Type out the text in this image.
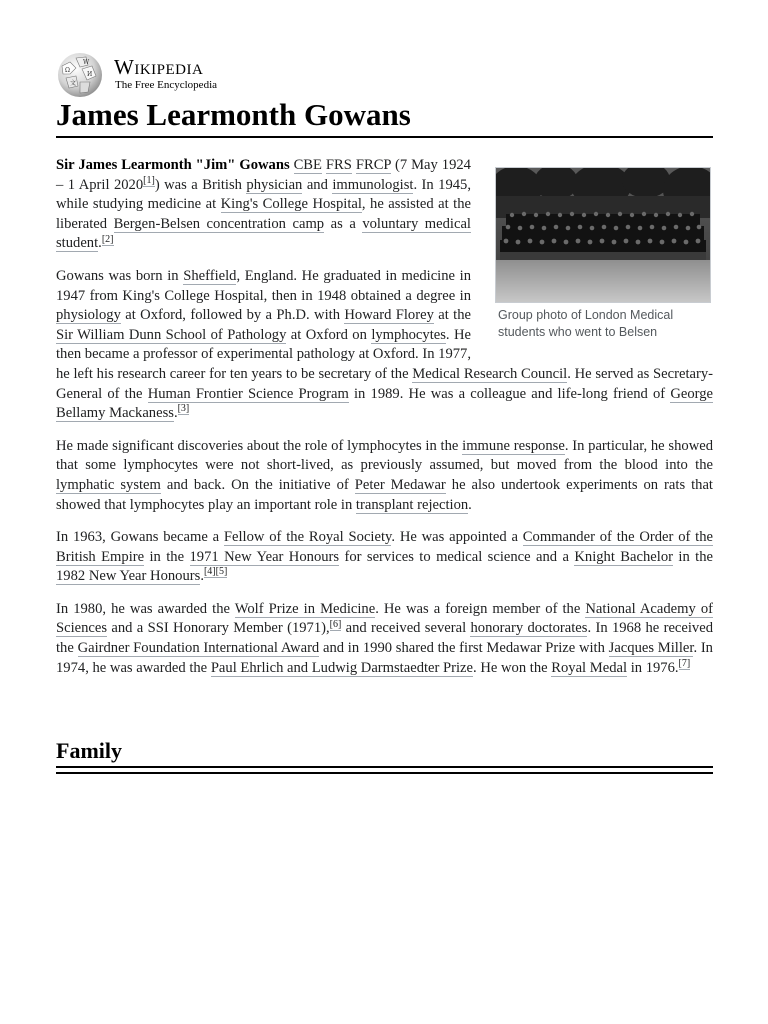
Ω
W
И
文
Wikipedia
The Free Encyclopedia
James Learmonth Gowans
Group photo of London Medical students who went to Belsen

Sir James Learmonth "Jim" Gowans CBE FRS FRCP (7 May 1924 – 1 April 2020[1]) was a British physician and immunologist. In 1945, while studying medicine at King's College Hospital, he assisted at the liberated Bergen-Belsen concentration camp as a voluntary medical student.[2]

Gowans was born in Sheffield, England. He graduated in medicine in 1947 from King's College Hospital, then in 1948 obtained a degree in physiology at Oxford, followed by a Ph.D. with Howard Florey at the Sir William Dunn School of Pathology at Oxford on lymphocytes. He then became a professor of experimental pathology at Oxford. In 1977, he left his research career for ten years to be secretary of the Medical Research Council. He served as Secretary-General of the Human Frontier Science Program in 1989. He was a colleague and life-long friend of George Bellamy Mackaness.[3]

He made significant discoveries about the role of lymphocytes in the immune response. In particular, he showed that some lymphocytes were not short-lived, as previously assumed, but moved from the blood into the lymphatic system and back. On the initiative of Peter Medawar he also undertook experiments on rats that showed that lymphocytes play an important role in transplant rejection.

In 1963, Gowans became a Fellow of the Royal Society. He was appointed a Commander of the Order of the British Empire in the 1971 New Year Honours for services to medical science and a Knight Bachelor in the 1982 New Year Honours.[4][5]

In 1980, he was awarded the Wolf Prize in Medicine. He was a foreign member of the National Academy of Sciences and a SSI Honorary Member (1971),[6] and received several honorary doctorates. In 1968 he received the Gairdner Foundation International Award and in 1990 shared the first Medawar Prize with Jacques Miller. In 1974, he was awarded the Paul Ehrlich and Ludwig Darmstaedter Prize. He won the Royal Medal in 1976.[7]

Family
